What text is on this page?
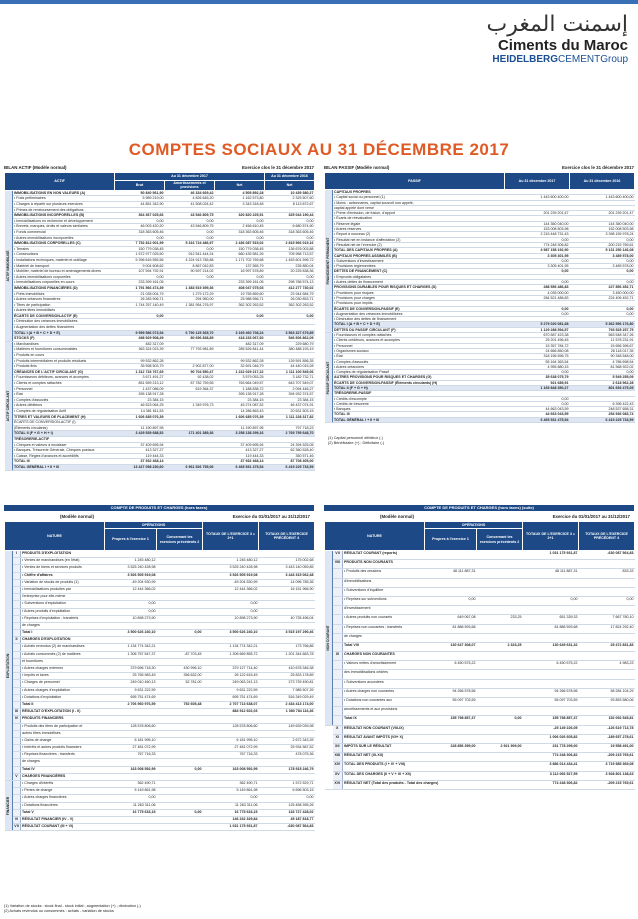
إسمنت المغرب
Ciments du Maroc
HEIDELBERGCEMENTGroup
COMPTES SOCIAUX AU 31 DÉCEMBRE 2017
BILAN ACTIF (Modèle normal)	Exercice clos le 31 décembre 2017
ACTIF		Au 31 décembre 2017			Au 31 décembre 2016
		Brut	Amortissements et provisions	Net	Net

ACTIF IMMOBILISÉ	IMMOBILISATIONS EN NON VALEURS (A)	50 840 561,90	46 334 669,42	4 505 892,28	10 439 380,27
	• Frais préliminaires	5 989 219,00	4 826 645,20	1 162 573,80	2 325 507,60
	• Charges à répartir sur plusieurs exercices	44 851 342,90	41 508 024,42	3 343 318,48	8 113 872,67
	• Primes de remboursement des obligations				
	IMMOBILISATIONS INCORPORELLES (B)	364 367 025,66	43 546 809,75	320 820 225,91	325 044 190,44
	• Immobilisations en recherche et développement	0,00	0,00	0,00	0,00
	• Brevets, marques, droits et valeurs similaires	46 003 420,20	43 546 809,75	2 456 610,45	6 680 574,90
	• Fonds commercial	318 363 605,46	0,00	318 363 605,46	318 363 605,46
	• Autres immobilisations incorporelles	0,00	0,00	0,00	0,00
	IMMOBILISATIONS CORPORELLES (C)	7 752 812 001,99	5 316 724 486,97	2 436 087 515,02	2 815 566 019,16
	• Terrains	150 779 038,45	0,00	150 779 038,45	136 676 003,88
	• Constructions	1 572 977 025,50	912 541 444,24	660 435 581,26	705 958 713,57
	• Installations techniques, matériel et outillage	5 396 616 555,56	4 224 913 785,88	1 171 702 769,68	1 453 601 596,72
	• Matériel de transport	9 004 608,62	8 867 042,83	137 565,79	235 850,04
	• Mobilier, matériel de bureau et aménagements divers	107 594 792,91	90 597 214,02	16 997 578,89	20 225 838,36
	• Autres immobilisations corporelles	0,00	0,00	0,00	0,00
	• Immobilisations corporelles en cours	233 399 161,05		233 399 161,05	298 786 574,13
	IMMOBILISATIONS FINANCIÈRES (D)	1 791 566 474,39	1 383 519 399,36	408 047 075,03	412 277 730,02
	• Prêts immobilisés	21 035 004,79	1 279 172,29	19 755 859,60	23 944 584,79
	• Autres créances financières	26 283 906,71	294 950,00	25 988 956,71	26 030 853,71
	• Titres de participation	1 744 257 140,49	1 381 954 276,97	362 302 263,52	362 302 263,52
	• Autres titres immobilisés				
	ÉCARTS DE CONVERSION-ACTIF (E)	0,00		0,00	0,00
	• Diminution des créances immobilisées				
	• Augmentation des dettes financières				
	TOTAL I (A + B + C + D + E)	9 959 586 073,94	6 790 125 365,70	3 169 460 708,24	3 563 327 679,89
	STOCKS (F)	498 929 908,49	80 696 838,89	418 233 067,60	546 606 862,09

ACTIF CIRCULANT	• Marchandises	482 317,09		482 317,09	229 680,79
	• Matières et fournitures consommables	363 324 023,39	77 793 981,89	285 526 841,44	380 488 193,19
	• Produits en cours				
	• Produits intermédiaires et produits résiduels	99 532 862,28		99 532 862,28	139 591 856,35
	• Produits finis	35 598 503,79	2 902 877,00	32 691 046,79	44 440 015,28
	CRÉANCES DE L'ACTIF CIRCULANT (G)	1 312 733 767,69	90 704 550,47	1 222 029 217,22	1 111 100 549,06
	• Fournisseurs débiteurs, avances et acomptes	3 671 491,27	92 438,02	3 579 053,25	3 182 732,71
	• Clients et comptes rattachés	851 559 213,12	87 782 759,55	763 664 049,57	643 707 549,07
	• Personnel	1 437 086,09	619 364,37	1 188 838,72	2 094 446,27
	• État	395 138 917,28		395 138 917,28	394 932 374,57
	• Comptes d'associés	23 384,15		23 384,15	23 384,15
	• Autres débiteurs	46 523 064,25	1 349 976,73	45 274 087,52	46 437 074,91
	• Comptes de régularisation Actif	14 381 611,53		14 286 863,43	20 631 503,15
	TITRES ET VALEURS DE PLACEMENT (H)	1 606 685 076,39		1 606 685 076,39	1 111 228 317,82
	ÉCARTS DE CONVERSION-ACTIF (I)				
	(Éléments circulants)	11 190 897,95		11 190 897,95	797 718,23
	TOTAL II (F + G + H + I)	3 429 539 688,52	171 401 389,36	3 258 138 299,16	2 769 795 648,70
	TRÉSORERIE-ACTIF				
	• Chèques et valeurs à encaisser	37 409 695,94		37 409 695,94	24 394 525,05
	• Banques, Trésorerie Générale, Chèques postaux	413 327,27		413 327,27	62 360 528,40
	• Caisse, Régies d'avances et accréditifs	119 444,33		119 444,33	350 571,46
	TOTAL III	37 932 468,14		37 932 468,14	87 708 405,00
	TOTAL GÉNÉRAL I + II + III	13 427 058 230,60	6 961 526 755,06	6 465 531 475,54	6 419 225 733,59
BILAN PASSIF (Modèle normal)	Exercice clos le 31 décembre 2017
PASSIF		Au 31 décembre 2017	Au 31 décembre 2016

FINANCEMENT PERMANENT	CAPITAUX PROPRES		
	• Capital social ou personnel (1)	1 443 600 400,00	1 443 600 400,00
	• Moins : actionnaires, capital souscrit non appelé,		
	capital appelé dont versé		
	• Prime d'émission, de fusion, d'apport	201 239 201,47	201 239 201,47
	• Écarts de réévaluation		
	• Réserve légale	144 360 040,00	144 360 040,00
	• Autres réserves	153 008 503,98	152 008 503,98
	• Report à nouveau (2)	2 215 448 731,43	3 398 159 978,24
	• Résultat net en instance d'affectation (2)	0,00	0,00
	• Résultat net de l'exercice (2)	774 248 306,82	-200 215 769,61
	TOTAL DES CAPITAUX PROPRES (A)	4 987 158 192,90	5 131 250 146,08
	CAPITAUX PROPRES ASSIMILÉS (B)	3 305 401,95	3 489 578,00
	• Subventions d'investissement	0,00	0,00
	• Provisions réglementées	3 305 401,95	3 489 578,00
	DETTES DE FINANCEMENT (C)	0,00	0,00
	• Emprunts obligataires		
	• Autres dettes de financement	0,00	0,00
	PROVISIONS DURABLES POUR RISQUES ET CHARGES (D)	288 556 486,83	227 856 452,71
	• Provisions pour risques	4 035 000,00	3 450 000,00
	• Provisions pour charges	284 521 486,83	224 406 452,71
	• Provisions pour impôts		
	ÉCARTS DE CONVERSION-PASSIF (E)	0,00	0,00
	• Augmentation des créances immobilisées	0,00	0,00
	• Diminution des dettes de financement		
	TOTAL I (A + B + C + D + E)	5 279 020 081,68	5 362 596 176,80
	DETTES DU PASSIF CIRCULANT (F)	1 129 288 594,57	793 525 257,75

PASSIF CIRCULANT	• Fournisseurs et comptes rattachés	670 587 423,38	563 548 347,26
	• Clients créditeurs, avances et acomptes	25 201 496,45	11 578 231,91
	• Personnel	15 357 784,72	15 656 396,67
	• Organismes sociaux	24 666 850,08	26 118 017,35
	• État	318 156 596,75	90 348 548,00
	• Comptes d'associés	55 164 363,54	4 786 698,54
	• Autres créanciers	4 955 880,15	81 568 922,02
	• Comptes de régularisation Passif	0,00	0,00
	AUTRES PROVISIONS POUR RISQUES ET CHARGES (G)	35 638 075,79	5 549 255,09
	ÉCARTS DE CONVERSION-PASSIF (Éléments circulants) (H)	921 689,91	2 618 962,28
	TOTAL II (F + G + H)	1 165 848 350,27	801 693 475,05
	TRÉSORERIE-PASSIF		
	• Crédits d'escompte	0,00	
	• Crédits de trésorerie	0,00	6 396 422,43
	• Banques	44 663 043,59	248 537 658,31
	TOTAL III	44 663 043,59	254 936 083,74
	TOTAL GÉNÉRAL I + II + III	6 465 531 475,54	6 419 225 733,59
(1) Capital personnel débiteur (-)
(2) Bénéficiaire (+) ; Déficitaire (-)
COMPTE DE PRODUITS ET CHARGES (hors taxes)
(Modèle normal)	Exercice du 01/01/2017 au 31/12/2017
NATURE			OPÉRATIONS		TOTAUX DE L'EXERCICE 3 = 2+1	TOTAUX DE L'EXERCICE PRÉCÉDENT 4
			Propres à l'exercice 1	Concernant les exercices précédents 2		

EXPLOITATION	I	PRODUITS D'EXPLOITATION				
		• Ventes de marchandises (en l'état)	1 245 480,12		1 245 480,12	175 002,68
		• Ventes de biens et services produits	3 525 240 428,98		3 525 240 428,98	3 443 140 059,85
		• Chiffre d'affaires	3 526 505 919,08		3 526 505 919,08	3 443 315 062,48
		• Variation de stocks de produits (1)	-49 204 530,99		-49 204 530,99	14 096 785,36
		• Immobilisations produites par	12 444 366,02		12 444 366,02	16 151 966,90
		l'entreprise pour elle-même				
		• Subventions d'exploitation	0,00		0,00	
		• Autres produits d'exploitation	0,00		0,00	
		• Reprises d'exploitation ; transferts	10 898 273,90		10 898 273,90	40 735 496,04
		de charges				
		Total I	3 500 626 240,10	0,00	3 500 626 240,10	3 515 197 290,46
	II	CHARGES D'EXPLOITATION				
		• Achats revendus (2) de marchandises	1 134 774 342,21		1 134 774 342,21	173 766,86
		• Achats consommés (2) de matières	1 306 757 547,37	-87 703,45	1 306 669 855,72	1 201 344 663,78
		et fournitures				
		• Autres charges externes	379 696 718,30	430 996,10	379 127 714,40	410 678 346,38
		• Impôts et taxes	25 765 983,49	356 632,00	26 122 615,49	25 833 178,89
		• Charges de personnel	249 010 460,13	52 781,00	249 063 241,13	273 739 490,81
		• Autres charges d'exploitation	9 631 222,59		9 631 222,59	7 985 507,39
		• Dotations d'exploitation	695 751 474,69		695 751 474,69	516 349 029,49
		Total II	2 706 960 976,59	752 605,48	2 707 713 638,07	2 434 413 174,00
	III	RÉSULTAT D'EXPLOITATION (I - II)			884 912 602,03	1 080 784 116,46
	IV	PRODUITS FINANCIERS				
		• Produits des titres de participation et	128 578 806,60		128 578 806,60	149 639 039,98
		autres titres immobilisés				
		• Gains de change	6 181 995,10		6 181 995,10	2 672 343,39
		• Intérêts et autres produits financiers	27 481 072,99		27 481 072,99	25 934 587,52
		• Reprises financières ; transferts	767 716,33		767 716,33	478 075,36
		de charges				
		Total IV	163 008 592,99	0,00	163 008 592,99	178 915 246,79
	V	CHARGES FINANCIÈRES				

FINANCIER		• Charges d'intérêts	362 490,71		362 490,71	1 572 529,71
		• Pertes de change	5 149 861,98		5 149 861,98	6 696 503,15
		• Autres charges financières	0,00		0,00	0,00
		• Dotations financières	11 263 311,06		11 263 311,06	125 458 395,26
		Total V	16 775 633,15	0,00	16 775 633,15	133 727 428,02
	VI	RÉSULTAT FINANCIER (IV - V)			146 232 329,84	45 187 818,77
	VII	RÉSULTAT COURANT (III + VI)			1 031 175 931,87	-630 087 564,83
(1) Variation de stocks : stock final - stock initial ; augmentation (+) ; diminution (-)
(2) Achats revendus ou consommés : achats - variation de stocks
COMPTE DE PRODUITS ET CHARGES (hors taxes) (suite)
(Modèle normal)	Exercice du 01/01/2017 au 31/12/2017
NATURE			OPÉRATIONS		TOTAUX DE L'EXERCICE 3 = 2+1	TOTAUX DE L'EXERCICE PRÉCÉDENT 4
			Propres à l'exercice 1	Concernant les exercices précédents 2		

NON COURANT	VII	RÉSULTAT COURANT (reports)			1 031 175 931,87	-630 087 564,83
	VIII	PRODUITS NON COURANTS				
		• Produits des cessions	48 111 887,31		48 111 887,31	833,33
		d'immobilisations				
		• Subventions d'équilibre				
		• Reprises sur subventions	0,00		0,00	0,00
		d'investissement				
		• Autres produits non courants	649 067,08	233,25	651 339,33	7 667 780,10
		• Reprises non courantes ; transferts	81 886 593,68		81 886 593,68	17 824 292,40
		de charges				
		Total VIII	130 647 308,07	2 323,25	130 649 631,32	25 472 831,83
	IX	CHARGES NON COURANTES				
		• Valeurs nettes d'amortissement	6 450 575,22		6 450 575,22	4 983,23
		des immobilisations cédées				
		• Subventions accordées				
		• Autres charges non courantes	94 266 578,56		94 266 578,56	58 284 104,29
		• Dotations non courantes aux	55 097 703,59		55 097 703,59	93 853 580,06
		amortissements et aux provisions				
		Total IX	155 798 857,37	0,00	155 798 857,37	152 092 545,81
	X	RÉSULTAT NON COURANT (VIII-IX)			-25 149 226,05	-126 619 713,78
	XI	RÉSULTAT AVANT IMPÔTS (VII+ X)			1 006 026 605,82	-189 657 278,61
	XII	IMPÔTS SUR LE RÉSULTAT	228 856 399,00	2 921 909,00	231 778 299,00	19 558 491,00
	XIII	RÉSULTAT NET (XI-XII)			774 248 306,82	-209 215 769,61
	XIV	TOTAL DES PRODUITS (I + IV + VIII)			3 886 014 434,41	3 719 585 369,08
	XV	TOTAL DES CHARGES (II + V + IX + XII)			3 112 066 527,59	3 928 801 138,63
	XVI	RÉSULTAT NET (Total des produits - Total des charges)			774 248 306,82	-209 215 769,61
